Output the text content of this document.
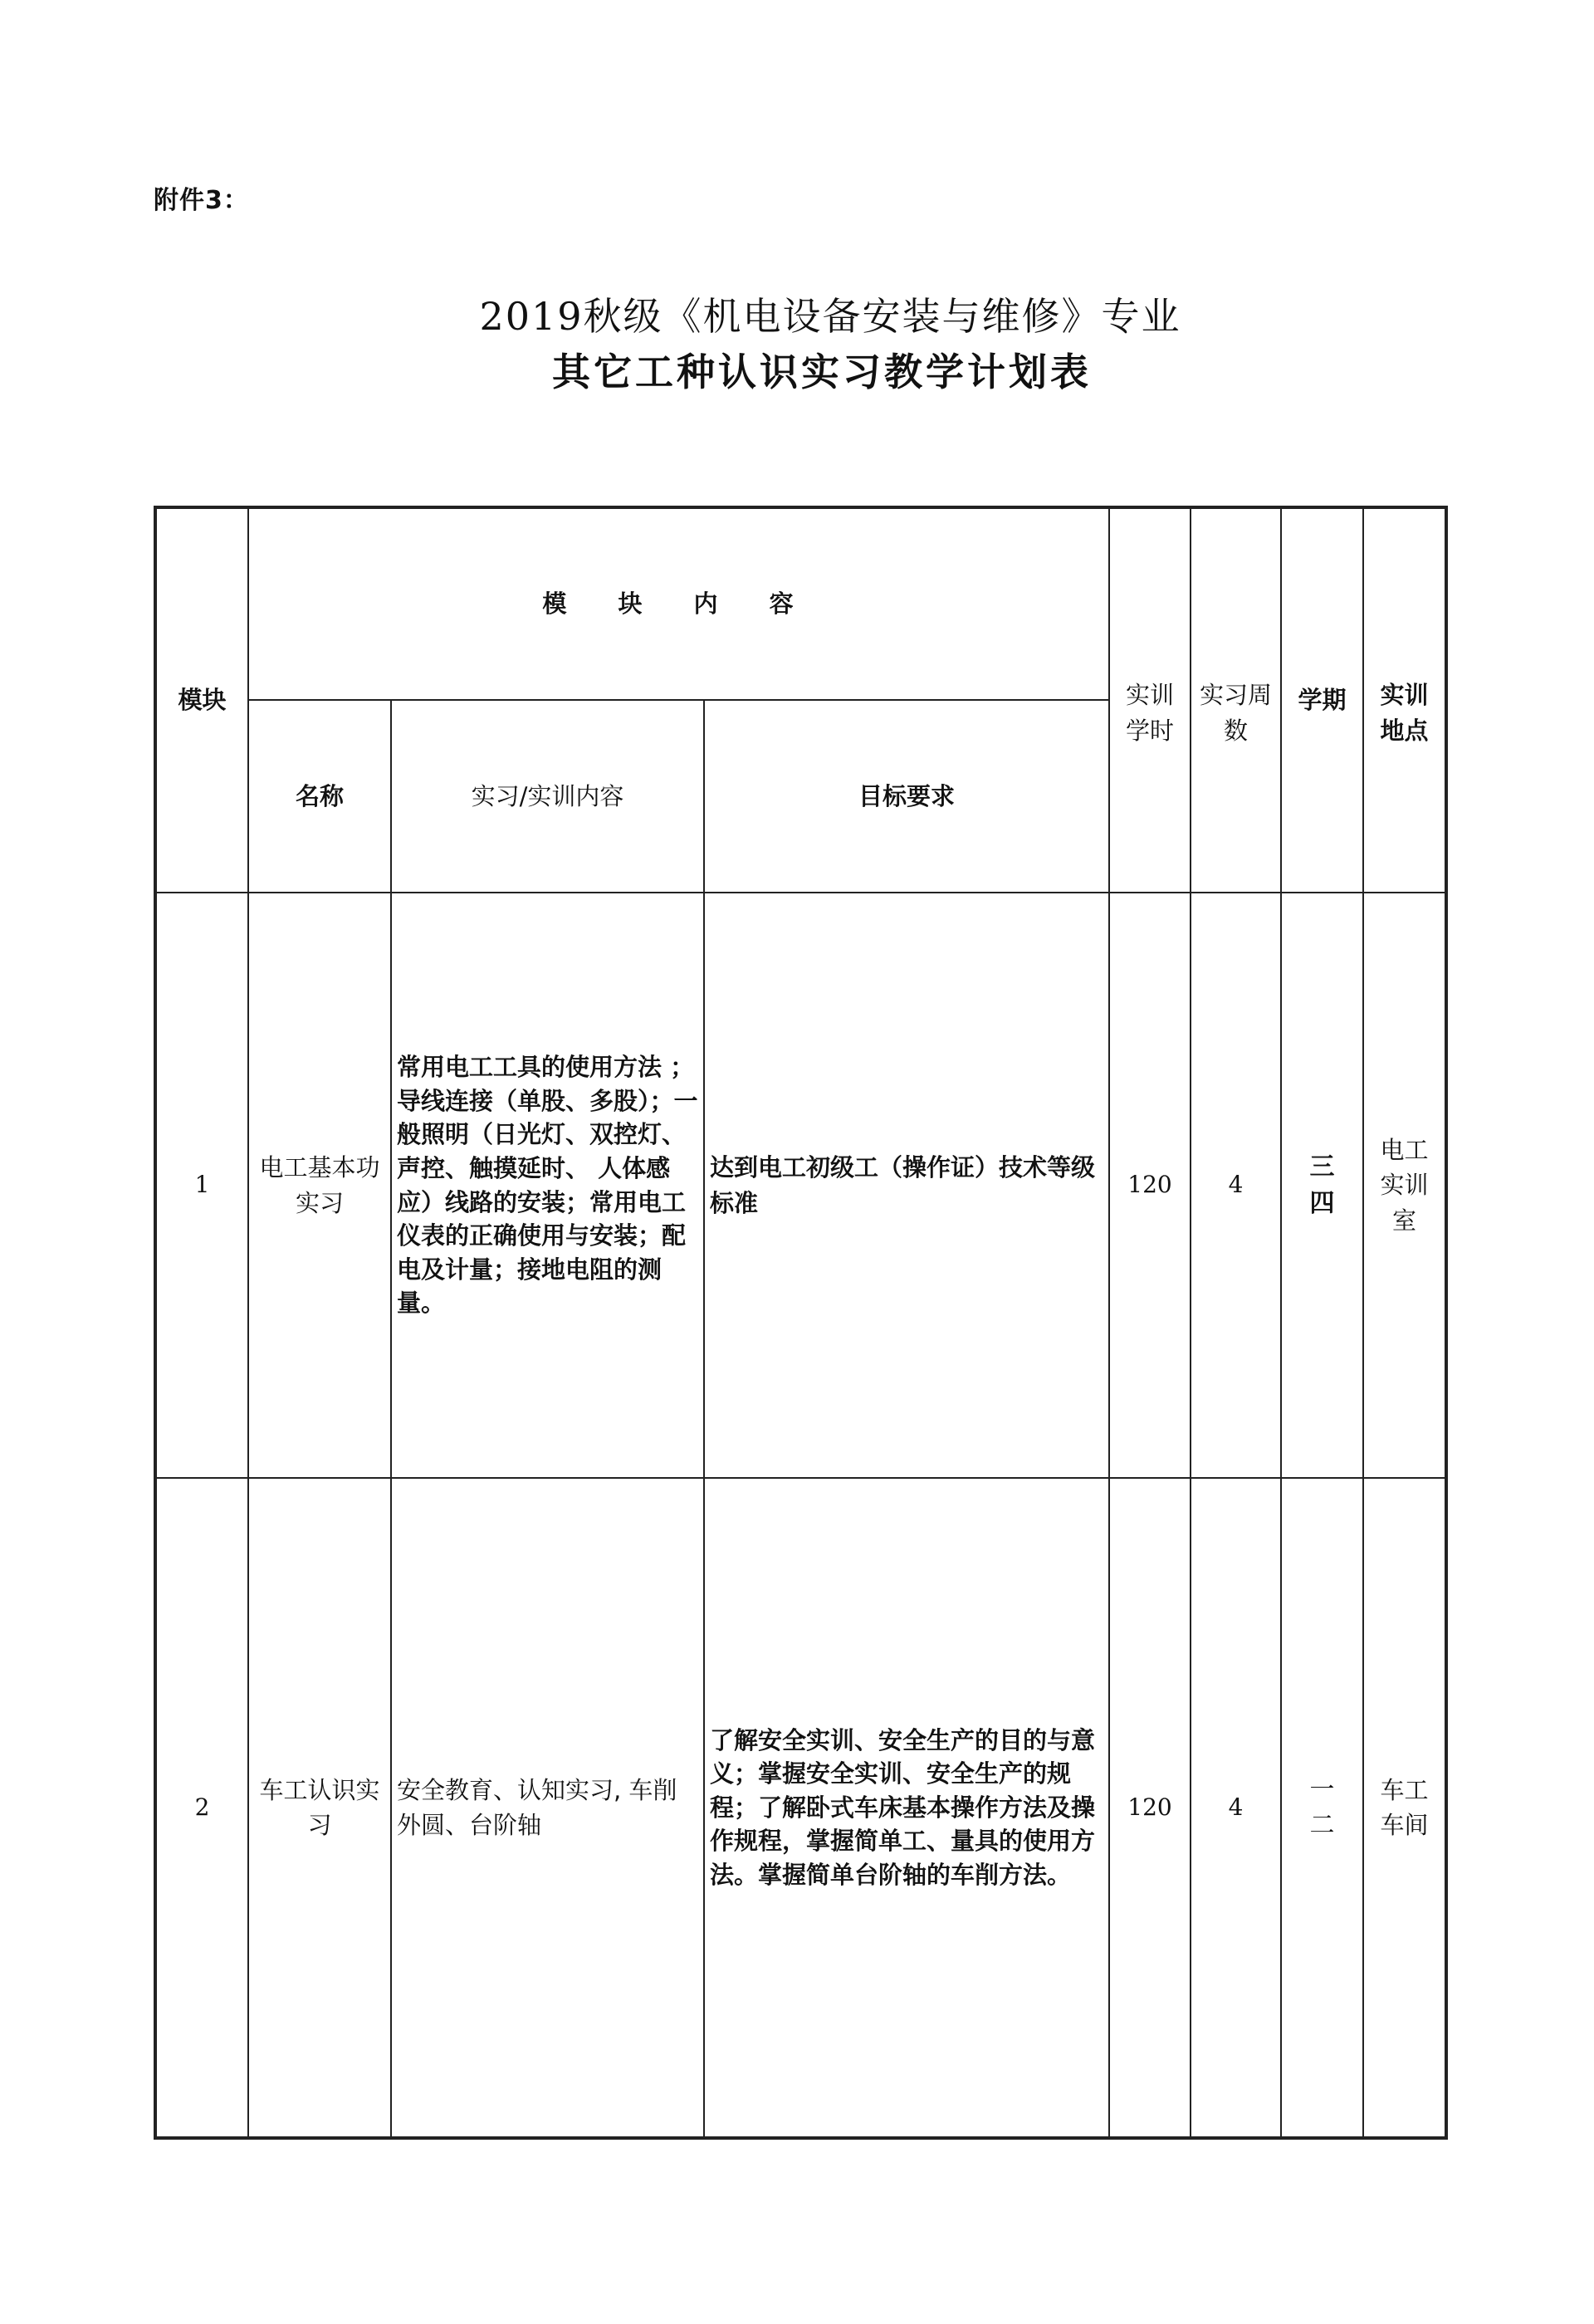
附件3：
2019秋级《机电设备安装与维修》专业
其它工种认识实习教学计划表
模块	模 块 内 容			实训学时	实习周数	学期	实训地点
	名称	实习/实训内容	目标要求				
1	电工基本功实习	常用电工工具的使用方法 ；导线连接（单股、多股）；一般照明（日光灯、双控灯、声控、触摸延时、 人体感应）线路的安装；常用电工仪表的正确使用与安装；配电及计量；接地电阻的测量。	达到电工初级工（操作证）技术等级标准	120	4	三四	电工实训室
2	车工认识实习	安全教育、认知实习, 车削外圆、台阶轴	了解安全实训、安全生产的目的与意义；掌握安全实训、安全生产的规程；了解卧式车床基本操作方法及操作规程，掌握简单工、量具的使用方法。掌握简单台阶轴的车削方法。	120	4	一二	车工车间
